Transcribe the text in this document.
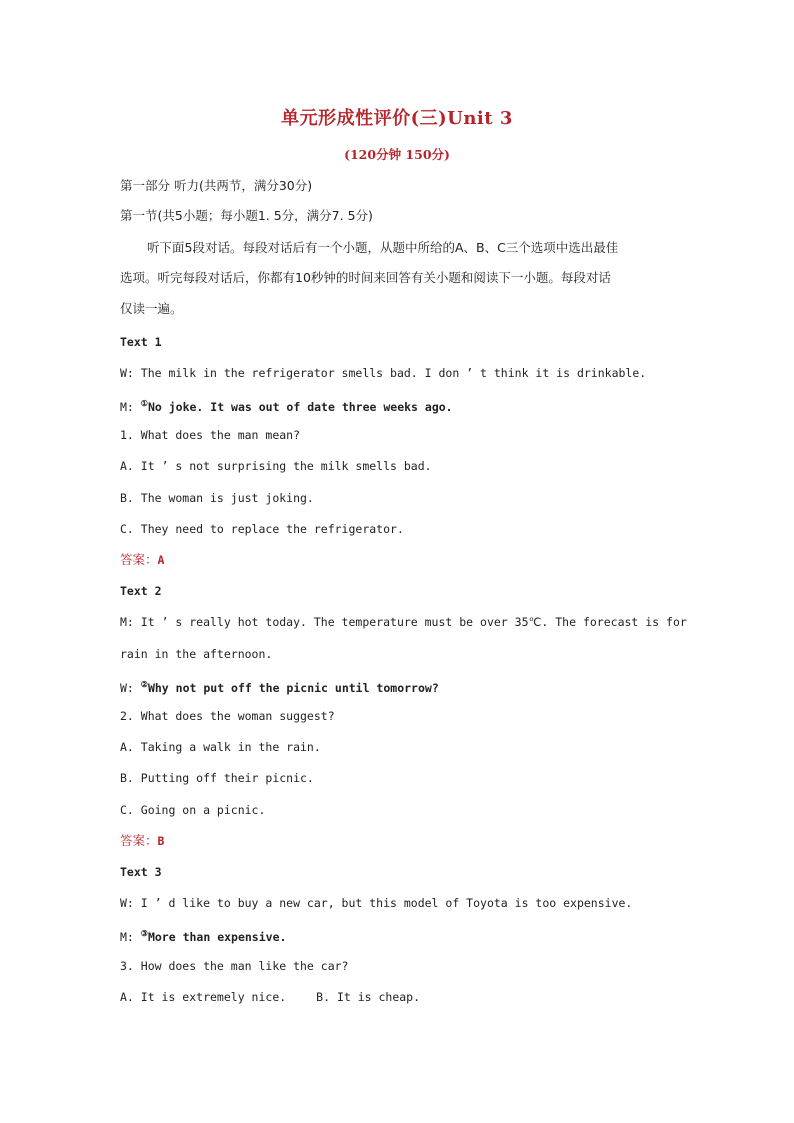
单元形成性评价(三)Unit 3
(120分钟 150分)
第一部分 听力(共两节，满分30分)
第一节(共5小题；每小题1. 5分，满分7. 5分)
听下面5段对话。每段对话后有一个小题，从题中所给的A、B、C三个选项中选出最佳
选项。听完每段对话后，你都有10秒钟的时间来回答有关小题和阅读下一小题。每段对话
仅读一遍。
Text 1
W: The milk in the refrigerator smells bad. I don ’ t think it is drinkable.
M: ①No joke. It was out of date three weeks ago.
1. What does the man mean?
A. It ’ s not surprising the milk smells bad.
B. The woman is just joking.
C. They need to replace the refrigerator.
答案：A
Text 2
M: It ’ s really hot today. The temperature must be over 35℃. The forecast is for
rain in the afternoon.
W: ②Why not put off the picnic until tomorrow?
2. What does the woman suggest?
A. Taking a walk in the rain.
B. Putting off their picnic.
C. Going on a picnic.
答案：B
Text 3
W: I ’ d like to buy a new car, but this model of Toyota is too expensive.
M: ③More than expensive.
3. How does the man like the car?
A. It is extremely nice.	B. It is cheap.
